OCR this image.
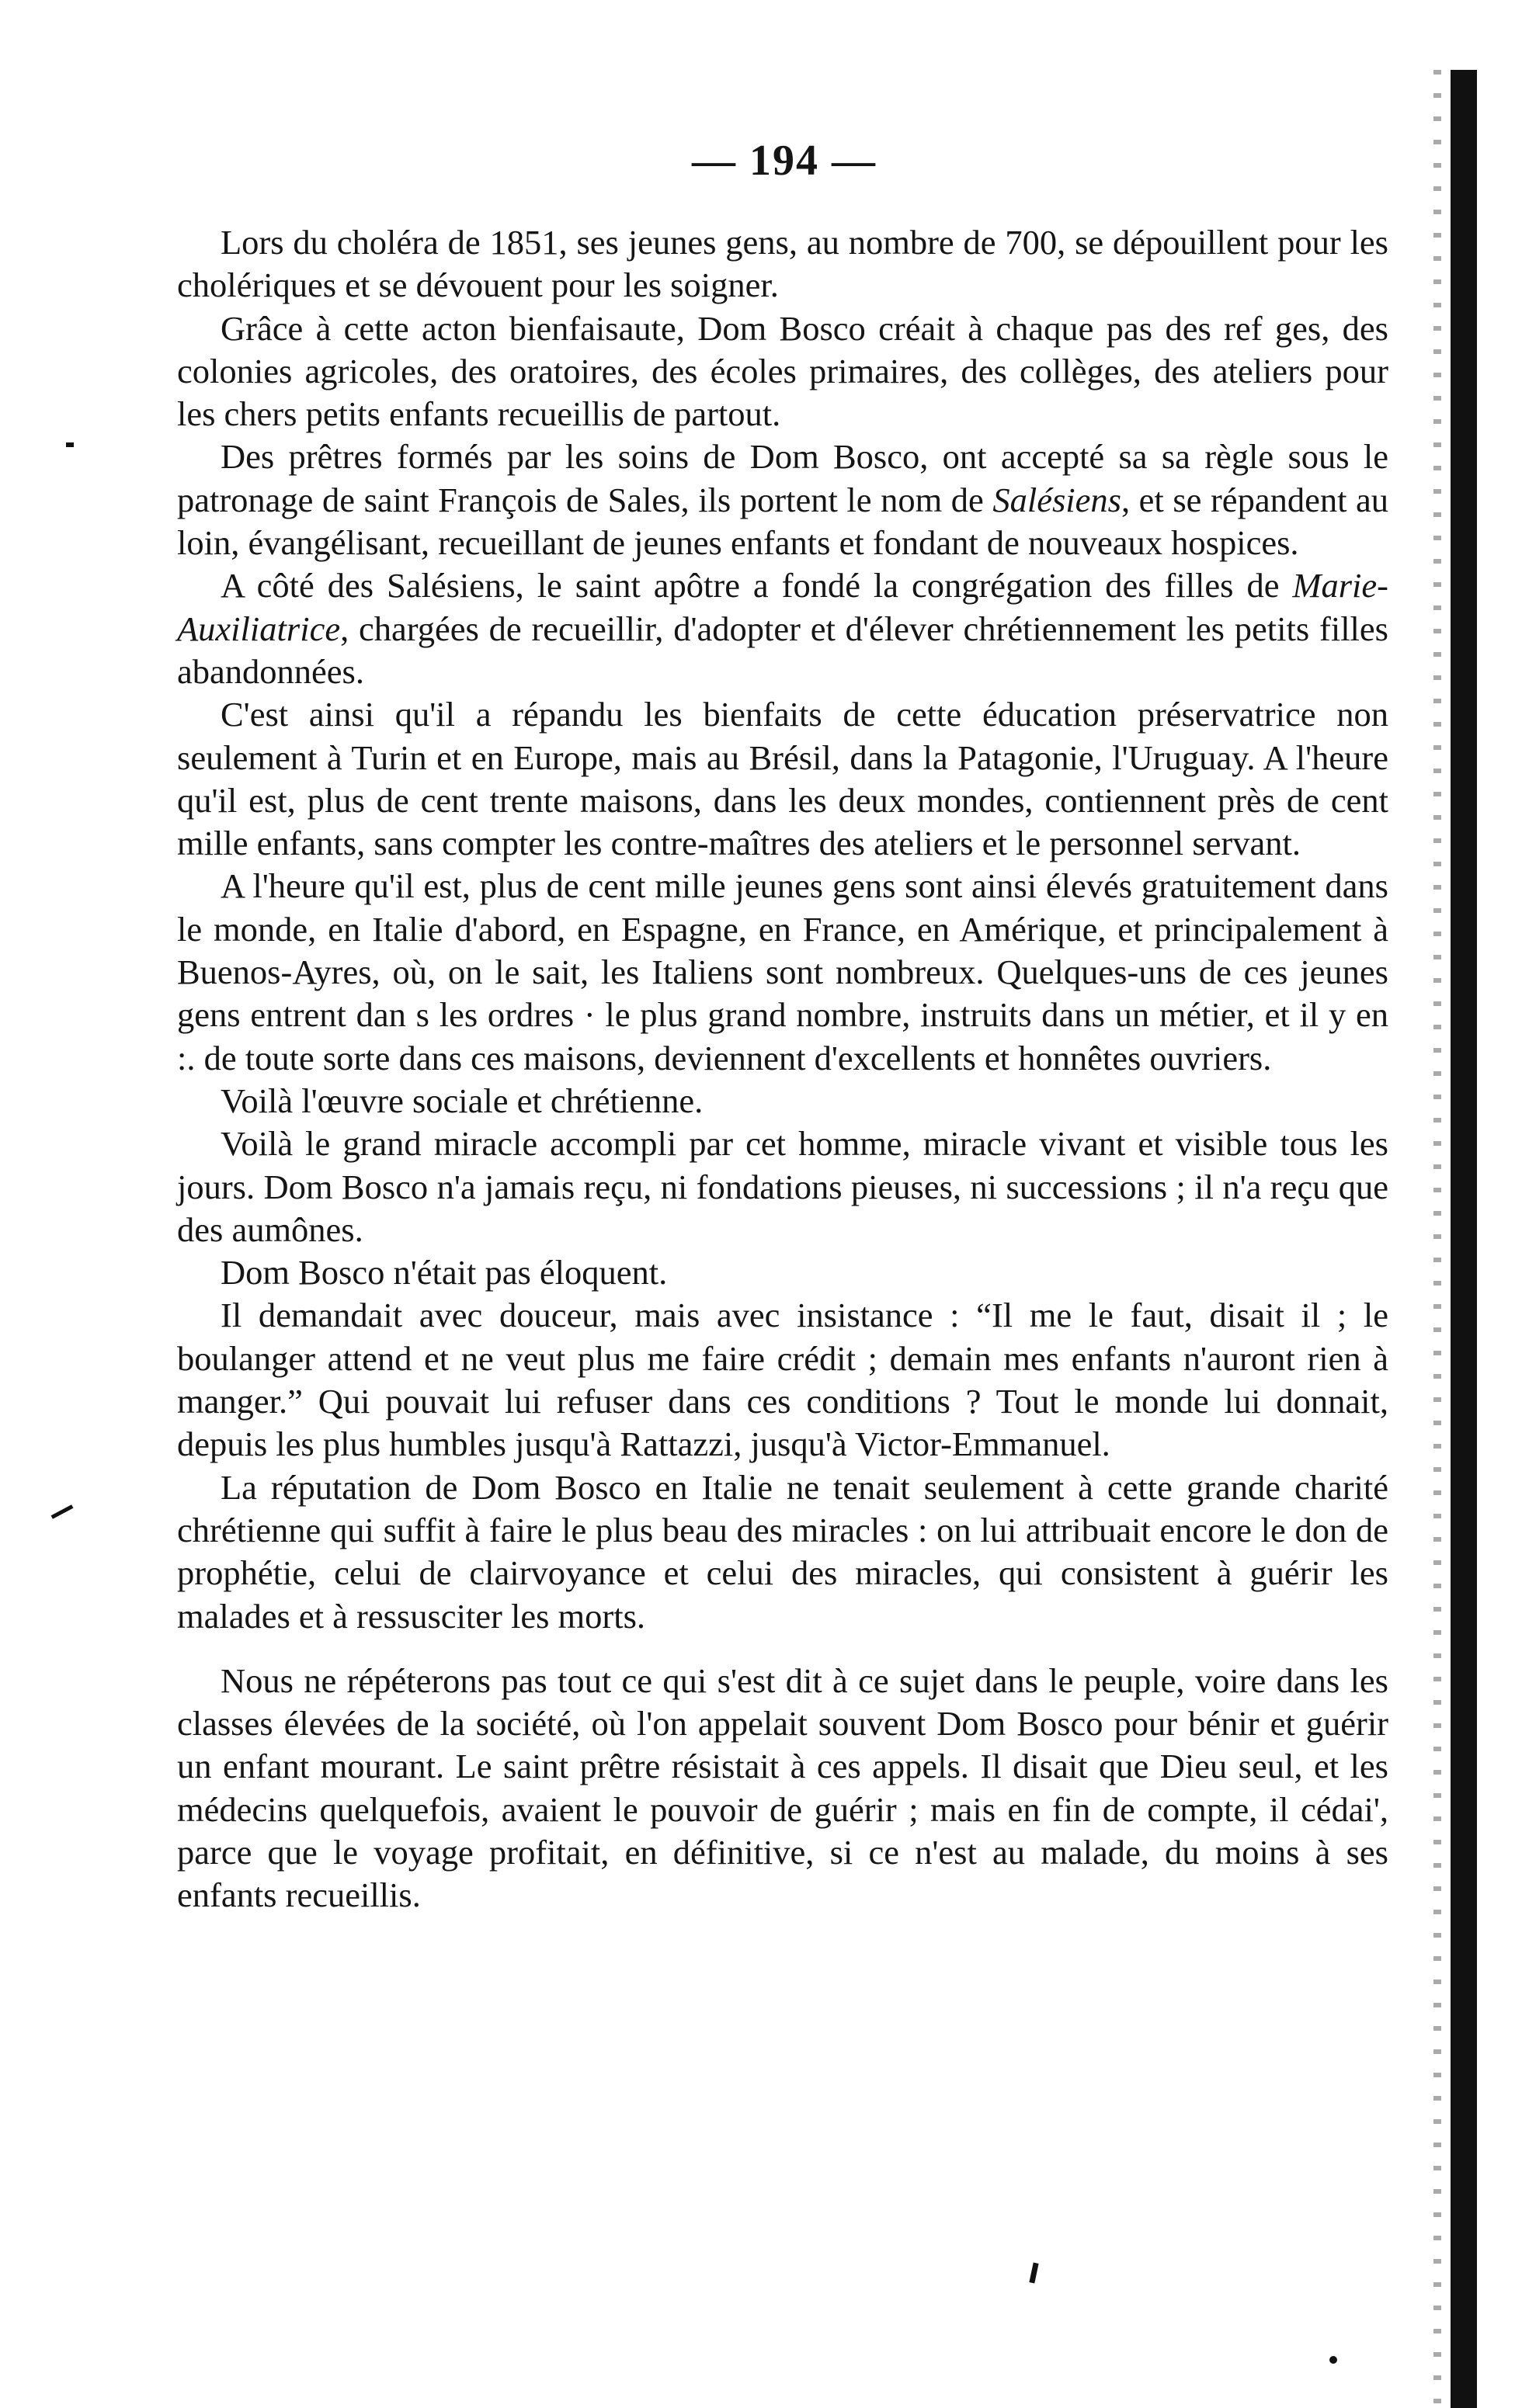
— 194 —

Lors du choléra de 1851, ses jeunes gens, au nombre de 700, se dépouillent pour les cholériques et se dévouent pour les soigner.

Grâce à cette acton bienfaisaute, Dom Bosco créait à chaque pas des ref ges, des colonies agricoles, des oratoires, des écoles primaires, des collèges, des ateliers pour les chers petits enfants recueillis de partout.

Des prêtres formés par les soins de Dom Bosco, ont accepté sa sa règle sous le patronage de saint François de Sales, ils portent le nom de Salésiens, et se répandent au loin, évangélisant, recueillant de jeunes enfants et fondant de nouveaux hospices.

A côté des Salésiens, le saint apôtre a fondé la congrégation des filles de Marie-Auxiliatrice, chargées de recueillir, d'adopter et d'élever chrétiennement les petits filles abandonnées.

C'est ainsi qu'il a répandu les bienfaits de cette éducation préservatrice non seulement à Turin et en Europe, mais au Brésil, dans la Patagonie, l'Uruguay. A l'heure qu'il est, plus de cent trente maisons, dans les deux mondes, contiennent près de cent mille enfants, sans compter les contre-maîtres des ateliers et le personnel servant.

A l'heure qu'il est, plus de cent mille jeunes gens sont ainsi élevés gratuitement dans le monde, en Italie d'abord, en Espagne, en France, en Amérique, et principalement à Buenos-Ayres, où, on le sait, les Italiens sont nombreux. Quelques-uns de ces jeunes gens entrent dan s les ordres · le plus grand nombre, instruits dans un métier, et il y en :. de toute sorte dans ces maisons, deviennent d'excellents et honnêtes ouvriers.

Voilà l'œuvre sociale et chrétienne.

Voilà le grand miracle accompli par cet homme, miracle vivant et visible tous les jours. Dom Bosco n'a jamais reçu, ni fondations pieuses, ni successions ; il n'a reçu que des aumônes.

Dom Bosco n'était pas éloquent.

Il demandait avec douceur, mais avec insistance : “Il me le faut, disait il ; le boulanger attend et ne veut plus me faire crédit ; demain mes enfants n'auront rien à manger.” Qui pouvait lui refuser dans ces conditions ? Tout le monde lui donnait, depuis les plus humbles jusqu'à Rattazzi, jusqu'à Victor-Emmanuel.

La réputation de Dom Bosco en Italie ne tenait seulement à cette grande charité chrétienne qui suffit à faire le plus beau des miracles : on lui attribuait encore le don de prophétie, celui de clairvoyance et celui des miracles, qui consistent à guérir les malades et à ressusciter les morts.

Nous ne répéterons pas tout ce qui s'est dit à ce sujet dans le peuple, voire dans les classes élevées de la société, où l'on appelait souvent Dom Bosco pour bénir et guérir un enfant mourant. Le saint prêtre résistait à ces appels. Il disait que Dieu seul, et les médecins quelquefois, avaient le pouvoir de guérir ; mais en fin de compte, il cédai', parce que le voyage profitait, en définitive, si ce n'est au malade, du moins à ses enfants recueillis.
